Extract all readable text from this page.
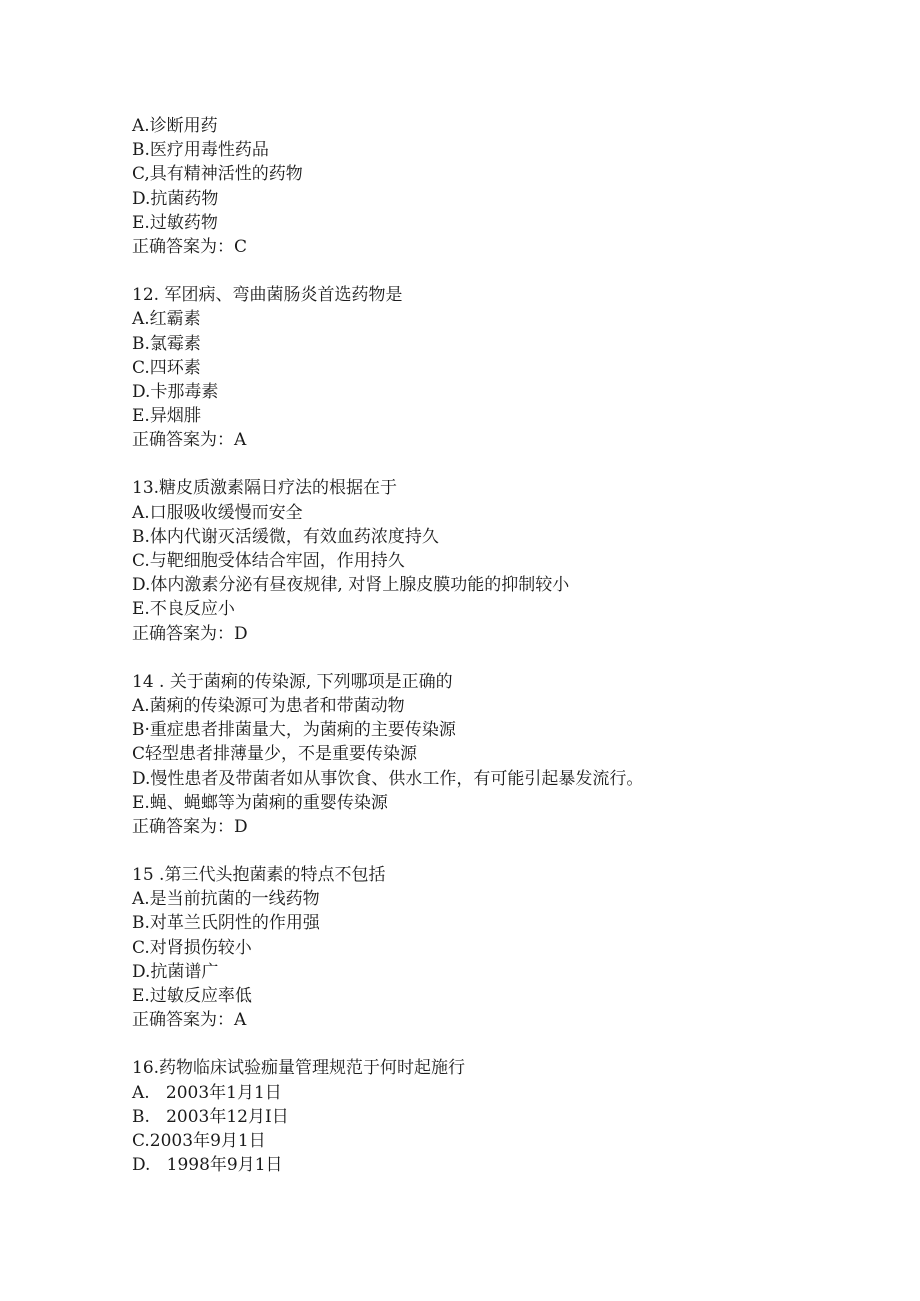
A.诊断用药
B.医疗用毒性药品
C,具有精神活性的药物
D.抗菌药物
E.过敏药物
正确答案为：C
12. 军团病、弯曲菌肠炎首选药物是
A.红霸素
B.氯霉素
C.四环素
D.卡那毒素
E.异烟腓
正确答案为：A
13.糖皮质激素隔日疗法的根据在于
A.口服吸收缓慢而安全
B.体内代谢灭活缓微，有效血药浓度持久
C.与靶细胞受体结合牢固，作用持久
D.体内激素分泌有昼夜规律, 对肾上腺皮膜功能的抑制较小
E.不良反应小
正确答案为：D
14 . 关于菌痢的传染源, 下列哪项是正确的
A.菌痢的传染源可为患者和带菌动物
B·重症患者排菌量大，为菌痢的主要传染源
C轻型患者排薄量少，不是重要传染源
D.慢性患者及带菌者如从事饮食、供水工作，有可能引起暴发流行。
E.蝇、蝇螂等为菌痢的重婴传染源
正确答案为：D
15 .第三代头抱菌素的特点不包括
A.是当前抗菌的一线药物
B.对革兰氏阴性的作用强
C.对肾损伤较小
D.抗菌谱广
E.过敏反应率低
正确答案为：A
16.药物临床试验痂量管理规范于何时起施行
A.   2003年1月1日
B.   2003年12月I日
C.2003年9月1日
D.   1998年9月1日
